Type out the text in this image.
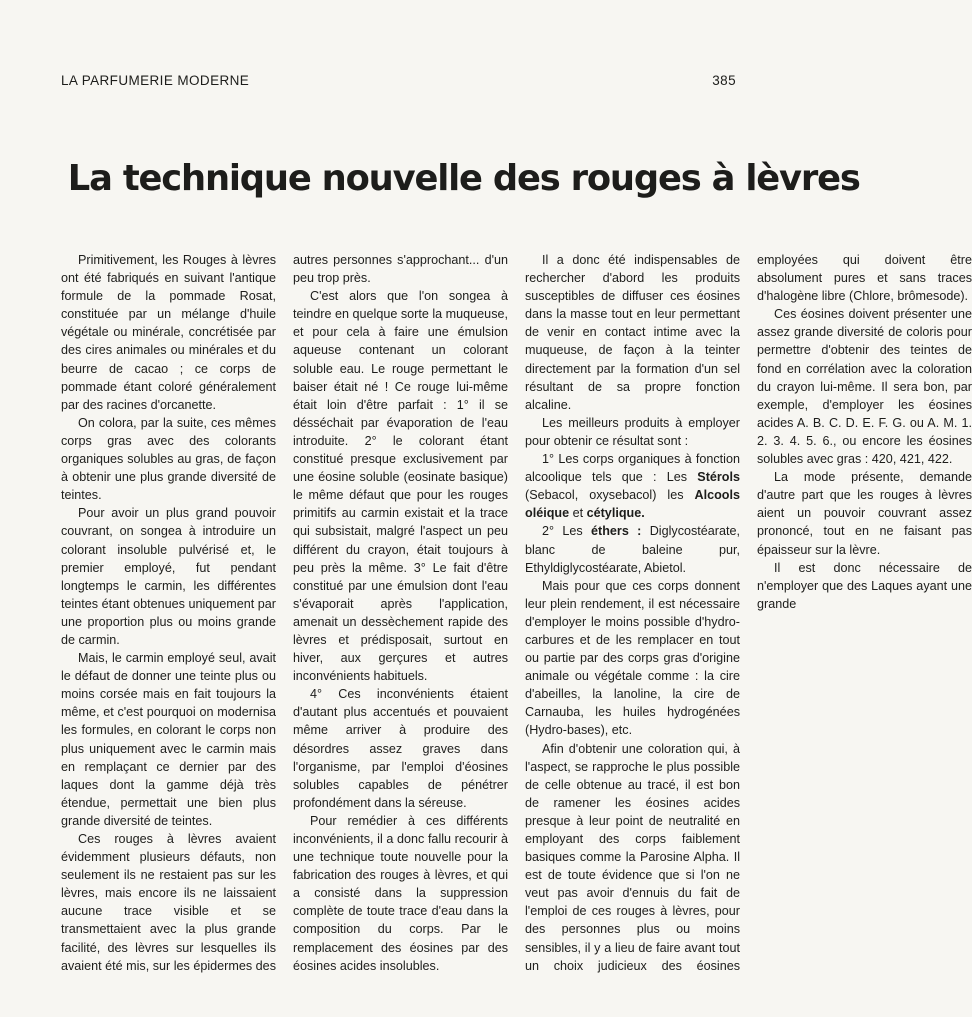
LA PARFUMERIE MODERNE	385
La technique nouvelle des rouges à lèvres

Primitivement, les Rouges à lèvres ont été fabriqués en suivant l'antique formule de la pommade Rosat, constituée par un mélange d'huile végétale ou minérale, concrétisée par des cires animales ou minérales et du beurre de cacao ; ce corps de pommade étant coloré généralement par des racines d'orcanette.

On colora, par la suite, ces mêmes corps gras avec des colorants organiques solubles au gras, de façon à obtenir une plus grande diversité de teintes.

Pour avoir un plus grand pouvoir couvrant, on songea à introduire un colorant insoluble pulvérisé et, le premier employé, fut pendant longtemps le carmin, les différentes teintes étant obtenues uniquement par une proportion plus ou moins grande de carmin.

Mais, le carmin employé seul, avait le défaut de donner une teinte plus ou moins corsée mais en fait toujours la même, et c'est pourquoi on modernisa les formules, en colorant le corps non plus uniquement avec le carmin mais en remplaçant ce dernier par des laques dont la gamme déjà très étendue, permettait une bien plus grande diversité de teintes.

Ces rouges à lèvres avaient évidemment plusieurs défauts, non seulement ils ne restaient pas sur les lèvres, mais encore ils ne laissaient aucune trace visible et se transmettaient avec la plus grande facilité, des lèvres sur lesquelles ils avaient été mis, sur les épidermes des autres personnes s'approchant... d'un peu trop près.

C'est alors que l'on songea à teindre en quelque sorte la muqueuse, et pour cela à faire une émulsion aqueuse contenant un colorant soluble eau. Le rouge permettant le baiser était né ! Ce rouge lui-même était loin d'être parfait : 1° il se désséchait par évaporation de l'eau introduite. 2° le colorant étant constitué presque exclusivement par une éosine soluble (eosinate basique) le même défaut que pour les rouges primitifs au carmin existait et la trace qui subsistait, malgré l'aspect un peu différent du crayon, était toujours à peu près la même. 3° Le fait d'être constitué par une émulsion dont l'eau s'évaporait après l'application, amenait un dessèchement rapide des lèvres et prédisposait, surtout en hiver, aux gerçures et autres inconvénients habituels.

4° Ces inconvénients étaient d'autant plus accentués et pouvaient même arriver à produire des désordres assez graves dans l'organisme, par l'emploi d'éosines solubles capables de pénétrer profondément dans la séreuse.

Pour remédier à ces différents inconvénients, il a donc fallu recourir à une technique toute nouvelle pour la fabrication des rouges à lèvres, et qui a consisté dans la suppression complète de toute trace d'eau dans la composition du corps. Par le remplacement des éosines par des éosines acides insolubles.

Il a donc été indispensables de rechercher d'abord les produits susceptibles de diffuser ces éosines dans la masse tout en leur permettant de venir en contact intime avec la muqueuse, de façon à la teinter directement par la formation d'un sel résultant de sa propre fonction alcaline.

Les meilleurs produits à employer pour obtenir ce résultat sont :

1° Les corps organiques à fonction alcoolique tels que : Les Stérols (Sebacol, oxysebacol) les Alcools oléique et cétylique.

2° Les éthers : Diglycostéarate, blanc de baleine pur, Ethyldiglycostéarate, Abietol.

Mais pour que ces corps donnent leur plein rendement, il est nécessaire d'employer le moins possible d'hydro-carbures et de les remplacer en tout ou partie par des corps gras d'origine animale ou végétale comme : la cire d'abeilles, la lanoline, la cire de Carnauba, les huiles hydrogénées (Hydro-bases), etc.

Afin d'obtenir une coloration qui, à l'aspect, se rapproche le plus possible de celle obtenue au tracé, il est bon de ramener les éosines acides presque à leur point de neutralité en employant des corps faiblement basiques comme la Parosine Alpha. Il est de toute évidence que si l'on ne veut pas avoir d'ennuis du fait de l'emploi de ces rouges à lèvres, pour des personnes plus ou moins sensibles, il y a lieu de faire avant tout un choix judicieux des éosines employées qui doivent être absolument pures et sans traces d'halogène libre (Chlore, brômesode).

Ces éosines doivent présenter une assez grande diversité de coloris pour permettre d'obtenir des teintes de fond en corrélation avec la coloration du crayon lui-même. Il sera bon, par exemple, d'employer les éosines acides A. B. C. D. E. F. G. ou A. M. 1. 2. 3. 4. 5. 6., ou encore les éosines solubles avec gras : 420, 421, 422.

La mode présente, demande d'autre part que les rouges à lèvres aient un pouvoir couvrant assez prononcé, tout en ne faisant pas épaisseur sur la lèvre.

Il est donc nécessaire de n'employer que des Laques ayant une grande
